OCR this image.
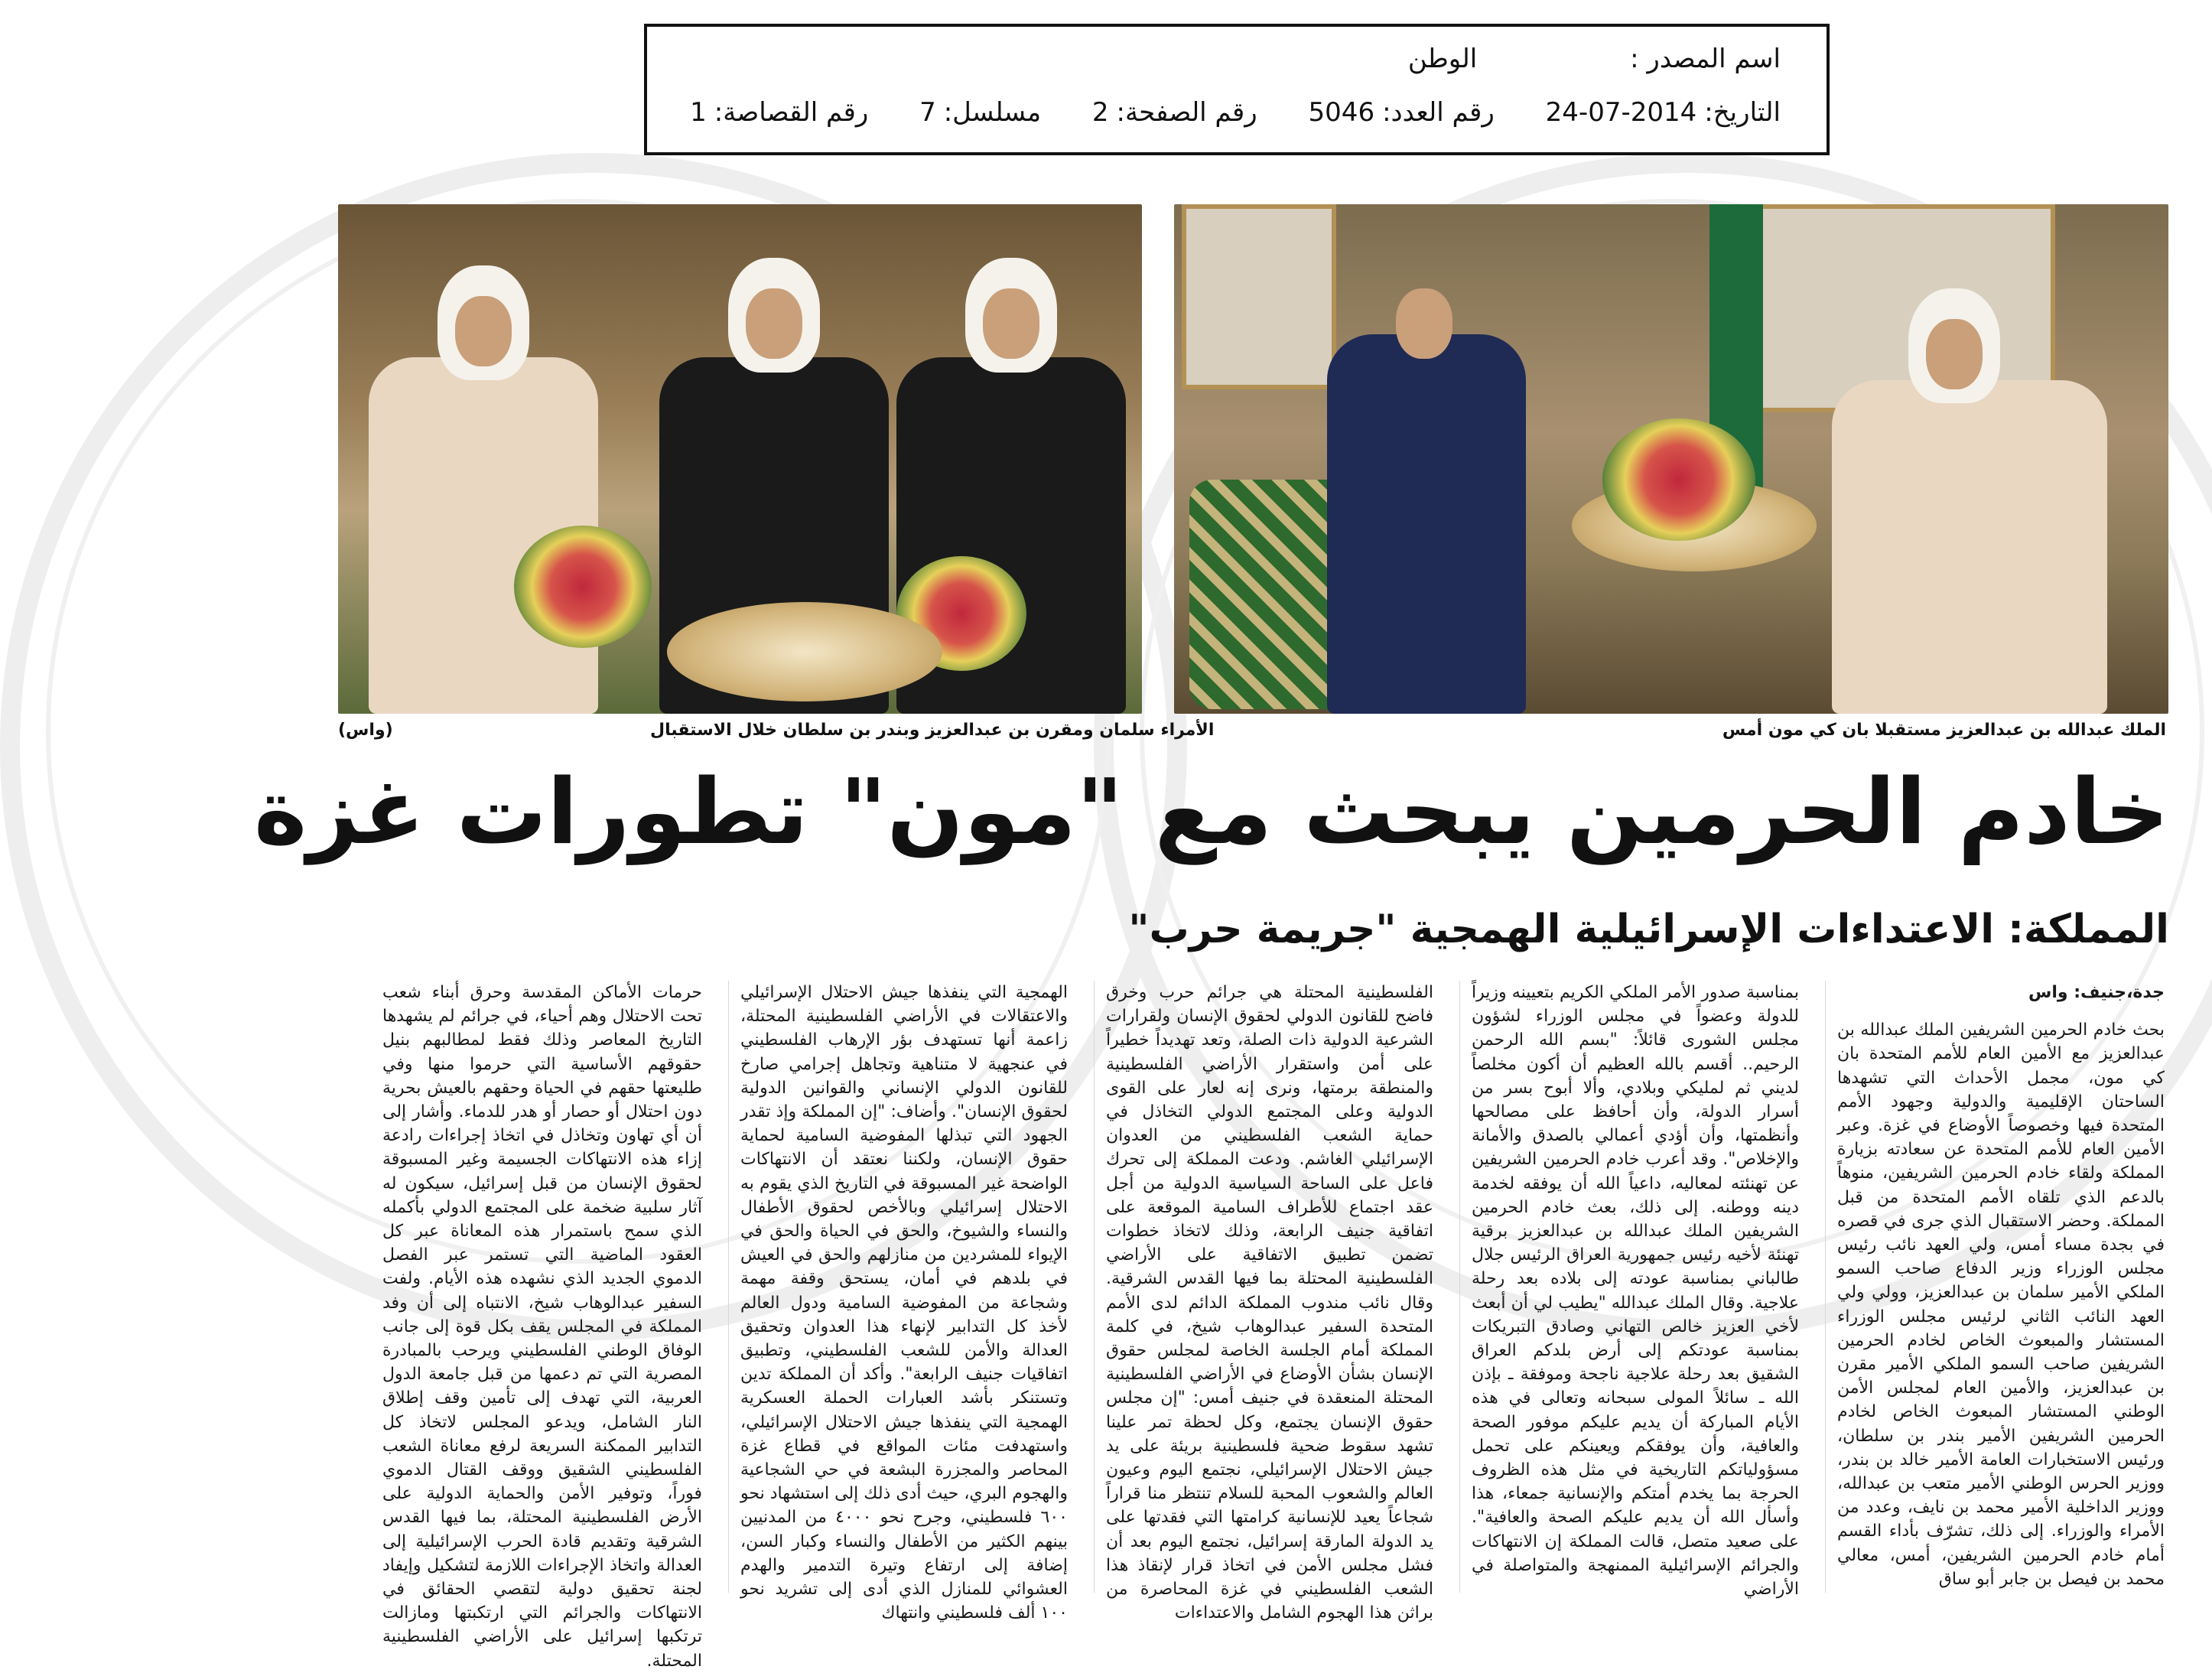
اسم المصدر :الوطن
التاريخ:2014-07-24 رقم العدد:5046 رقم الصفحة:2 مسلسل:7 رقم القصاصة:1
الملك عبدالله بن عبدالعزيز مستقبلا بان كي مون أمس
الأمراء سلمان ومقرن بن عبدالعزيز وبندر بن سلطان خلال الاستقبال
(واس)
خادم الحرمين يبحث مع "مون" تطورات غزة
المملكة: الاعتداءات الإسرائيلية الهمجية "جريمة حرب"
جدة،جنيف: واس

بحث خادم الحرمين الشريفين الملك عبدالله بن عبدالعزيز مع الأمين العام للأمم المتحدة بان كي مون، مجمل الأحداث التي تشهدها الساحتان الإقليمية والدولية وجهود الأمم المتحدة فيها وخصوصاً الأوضاع في غزة. وعبر الأمين العام للأمم المتحدة عن سعادته بزيارة المملكة ولقاء خادم الحرمين الشريفين، منوهاً بالدعم الذي تلقاه الأمم المتحدة من قبل المملكة. وحضر الاستقبال الذي جرى في قصره في بجدة مساء أمس، ولي العهد نائب رئيس مجلس الوزراء وزير الدفاع صاحب السمو الملكي الأمير سلمان بن عبدالعزيز، وولي ولي العهد النائب الثاني لرئيس مجلس الوزراء المستشار والمبعوث الخاص لخادم الحرمين الشريفين صاحب السمو الملكي الأمير مقرن بن عبدالعزيز، والأمين العام لمجلس الأمن الوطني المستشار المبعوث الخاص لخادم الحرمين الشريفين الأمير بندر بن سلطان، ورئيس الاستخبارات العامة الأمير خالد بن بندر، ووزير الحرس الوطني الأمير متعب بن عبدالله، ووزير الداخلية الأمير محمد بن نايف، وعدد من الأمراء والوزراء. إلى ذلك، تشرّف بأداء القسم أمام خادم الحرمين الشريفين، أمس، معالي محمد بن فيصل بن جابر أبو ساق

بمناسبة صدور الأمر الملكي الكريم بتعيينه وزيراً للدولة وعضواً في مجلس الوزراء لشؤون مجلس الشورى قائلاً: "بسم الله الرحمن الرحيم.. أقسم بالله العظيم أن أكون مخلصاً لديني ثم لمليكي وبلادي، وألا أبوح بسر من أسرار الدولة، وأن أحافظ على مصالحها وأنظمتها، وأن أؤدي أعمالي بالصدق والأمانة والإخلاص". وقد أعرب خادم الحرمين الشريفين عن تهنئته لمعاليه، داعياً الله أن يوفقه لخدمة دينه ووطنه. إلى ذلك، بعث خادم الحرمين الشريفين الملك عبدالله بن عبدالعزيز برقية تهنئة لأخيه رئيس جمهورية العراق الرئيس جلال طالباني بمناسبة عودته إلى بلاده بعد رحلة علاجية. وقال الملك عبدالله "يطيب لي أن أبعث لأخي العزيز خالص التهاني وصادق التبريكات بمناسبة عودتكم إلى أرض بلدكم العراق الشقيق بعد رحلة علاجية ناجحة وموفقة ـ بإذن الله ـ سائلاً المولى سبحانه وتعالى في هذه الأيام المباركة أن يديم عليكم موفور الصحة والعافية، وأن يوفقكم ويعينكم على تحمل مسؤولياتكم التاريخية في مثل هذه الظروف الحرجة بما يخدم أمتكم والإنسانية جمعاء، هذا وأسأل الله أن يديم عليكم الصحة والعافية". على صعيد متصل، قالت المملكة إن الانتهاكات والجرائم الإسرائيلية الممنهجة والمتواصلة في الأراضي

الفلسطينية المحتلة هي جرائم حرب وخرق فاضح للقانون الدولي لحقوق الإنسان ولقرارات الشرعية الدولية ذات الصلة، وتعد تهديداً خطيراً على أمن واستقرار الأراضي الفلسطينية والمنطقة برمتها، ونرى إنه لعار على القوى الدولية وعلى المجتمع الدولي التخاذل في حماية الشعب الفلسطيني من العدوان الإسرائيلي الغاشم. ودعت المملكة إلى تحرك فاعل على الساحة السياسية الدولية من أجل عقد اجتماع للأطراف السامية الموقعة على اتفاقية جنيف الرابعة، وذلك لاتخاذ خطوات تضمن تطبيق الاتفاقية على الأراضي الفلسطينية المحتلة بما فيها القدس الشرقية. وقال نائب مندوب المملكة الدائم لدى الأمم المتحدة السفير عبدالوهاب شيخ، في كلمة المملكة أمام الجلسة الخاصة لمجلس حقوق الإنسان بشأن الأوضاع في الأراضي الفلسطينية المحتلة المنعقدة في جنيف أمس: "إن مجلس حقوق الإنسان يجتمع، وكل لحظة تمر علينا تشهد سقوط ضحية فلسطينية بريئة على يد جيش الاحتلال الإسرائيلي، نجتمع اليوم وعيون العالم والشعوب المحبة للسلام تنتظر منا قراراً شجاعاً يعيد للإنسانية كرامتها التي فقدتها على يد الدولة المارقة إسرائيل، نجتمع اليوم بعد أن فشل مجلس الأمن في اتخاذ قرار لإنقاذ هذا الشعب الفلسطيني في غزة المحاصرة من براثن هذا الهجوم الشامل والاعتداءات

الهمجية التي ينفذها جيش الاحتلال الإسرائيلي والاعتقالات في الأراضي الفلسطينية المحتلة، زاعمة أنها تستهدف بؤر الإرهاب الفلسطيني في عنجهية لا متناهية وتجاهل إجرامي صارخ للقانون الدولي الإنساني والقوانين الدولية لحقوق الإنسان". وأضاف: "إن المملكة وإذ تقدر الجهود التي تبذلها المفوضية السامية لحماية حقوق الإنسان، ولكننا نعتقد أن الانتهاكات الواضحة غير المسبوقة في التاريخ الذي يقوم به الاحتلال إسرائيلي وبالأخص لحقوق الأطفال والنساء والشيوخ، والحق في الحياة والحق في الإيواء للمشردين من منازلهم والحق في العيش في بلدهم في أمان، يستحق وقفة مهمة وشجاعة من المفوضية السامية ودول العالم لأخذ كل التدابير لإنهاء هذا العدوان وتحقيق العدالة والأمن للشعب الفلسطيني، وتطبيق اتفاقيات جنيف الرابعة". وأكد أن المملكة تدين وتستنكر بأشد العبارات الحملة العسكرية الهمجية التي ينفذها جيش الاحتلال الإسرائيلي، واستهدفت مئات المواقع في قطاع غزة المحاصر والمجزرة البشعة في حي الشجاعية والهجوم البري، حيث أدى ذلك إلى استشهاد نحو ٦٠٠ فلسطيني، وجرح نحو ٤٠٠٠ من المدنيين بينهم الكثير من الأطفال والنساء وكبار السن، إضافة إلى ارتفاع وتيرة التدمير والهدم العشوائي للمنازل الذي أدى إلى تشريد نحو ١٠٠ ألف فلسطيني وانتهاك

حرمات الأماكن المقدسة وحرق أبناء شعب تحت الاحتلال وهم أحياء، في جرائم لم يشهدها التاريخ المعاصر وذلك فقط لمطالبهم بنيل حقوقهم الأساسية التي حرموا منها وفي طليعتها حقهم في الحياة وحقهم بالعيش بحرية دون احتلال أو حصار أو هدر للدماء. وأشار إلى أن أي تهاون وتخاذل في اتخاذ إجراءات رادعة إزاء هذه الانتهاكات الجسيمة وغير المسبوقة لحقوق الإنسان من قبل إسرائيل، سيكون له آثار سلبية ضخمة على المجتمع الدولي بأكمله الذي سمح باستمرار هذه المعاناة عبر كل العقود الماضية التي تستمر عبر الفصل الدموي الجديد الذي نشهده هذه الأيام. ولفت السفير عبدالوهاب شيخ، الانتباه إلى أن وفد المملكة في المجلس يقف بكل قوة إلى جانب الوفاق الوطني الفلسطيني ويرحب بالمبادرة المصرية التي تم دعمها من قبل جامعة الدول العربية، التي تهدف إلى تأمين وقف إطلاق النار الشامل، ويدعو المجلس لاتخاذ كل التدابير الممكنة السريعة لرفع معاناة الشعب الفلسطيني الشقيق ووقف القتال الدموي فوراً، وتوفير الأمن والحماية الدولية على الأرض الفلسطينية المحتلة، بما فيها القدس الشرقية وتقديم قادة الحرب الإسرائيلية إلى العدالة واتخاذ الإجراءات اللازمة لتشكيل وإيفاد لجنة تحقيق دولية لتقصي الحقائق في الانتهاكات والجرائم التي ارتكبتها ومازالت ترتكبها إسرائيل على الأراضي الفلسطينية المحتلة.
